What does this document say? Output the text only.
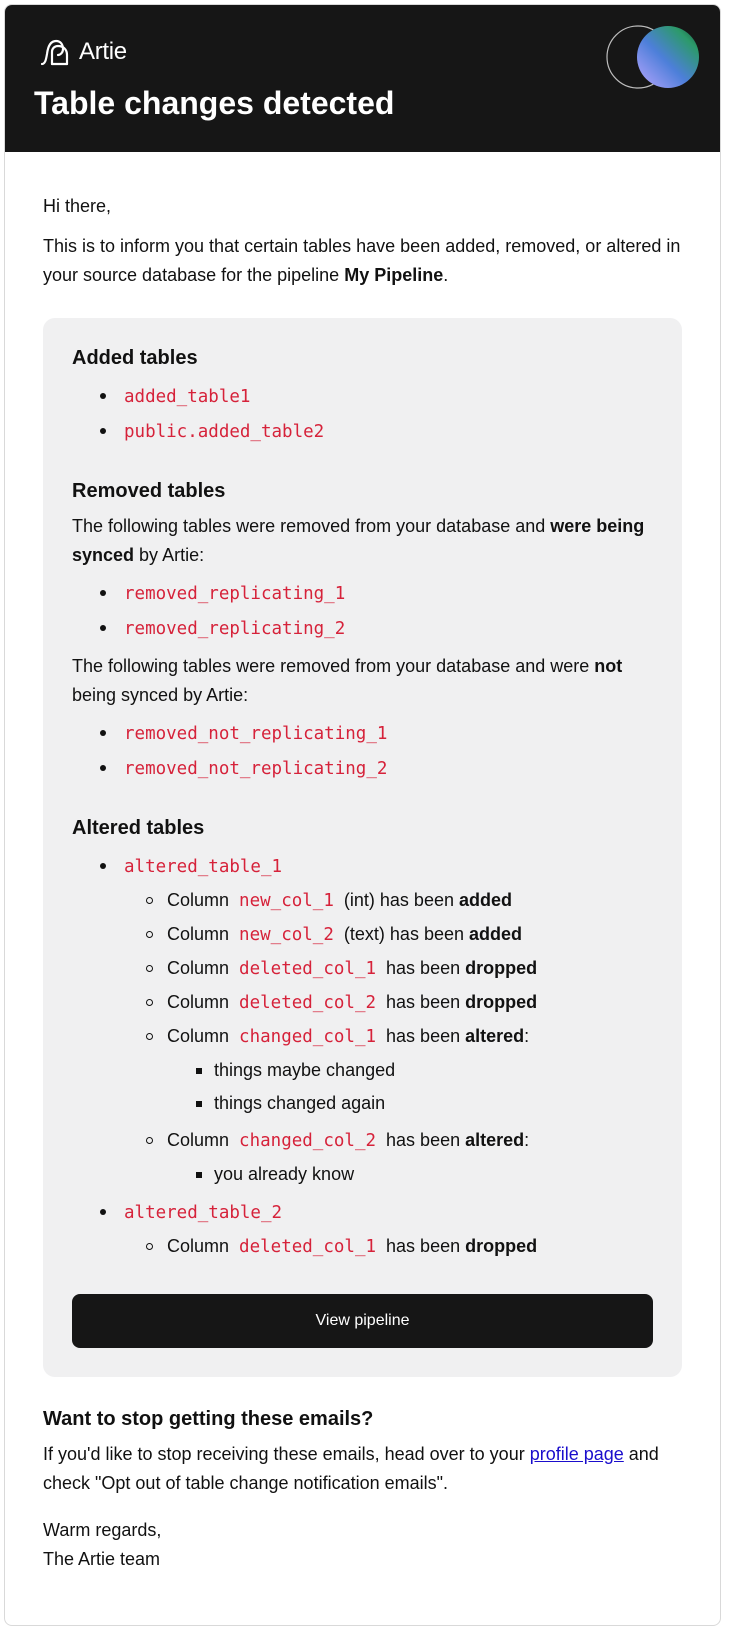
Artie
Table changes detected

Hi there,

This is to inform you that certain tables have been added, removed, or altered in your source database for the pipeline My Pipeline.

Added tables
added_table1
public.added_table2
Removed tables

The following tables were removed from your database and were being synced by Artie:

removed_replicating_1
removed_replicating_2

The following tables were removed from your database and were not being synced by Artie:

removed_not_replicating_1
removed_not_replicating_2
Altered tables
altered_table_1
Column new_col_1 (int) has been added
Column new_col_2 (text) has been added
Column deleted_col_1 has been dropped
Column deleted_col_2 has been dropped
Column changed_col_1 has been altered:
things maybe changed
things changed again
Column changed_col_2 has been altered:
you already know
altered_table_2
Column deleted_col_1 has been dropped
View pipeline
Want to stop getting these emails?

If you'd like to stop receiving these emails, head over to your profile page and check "Opt out of table change notification emails".

Warm regards,

The Artie team
